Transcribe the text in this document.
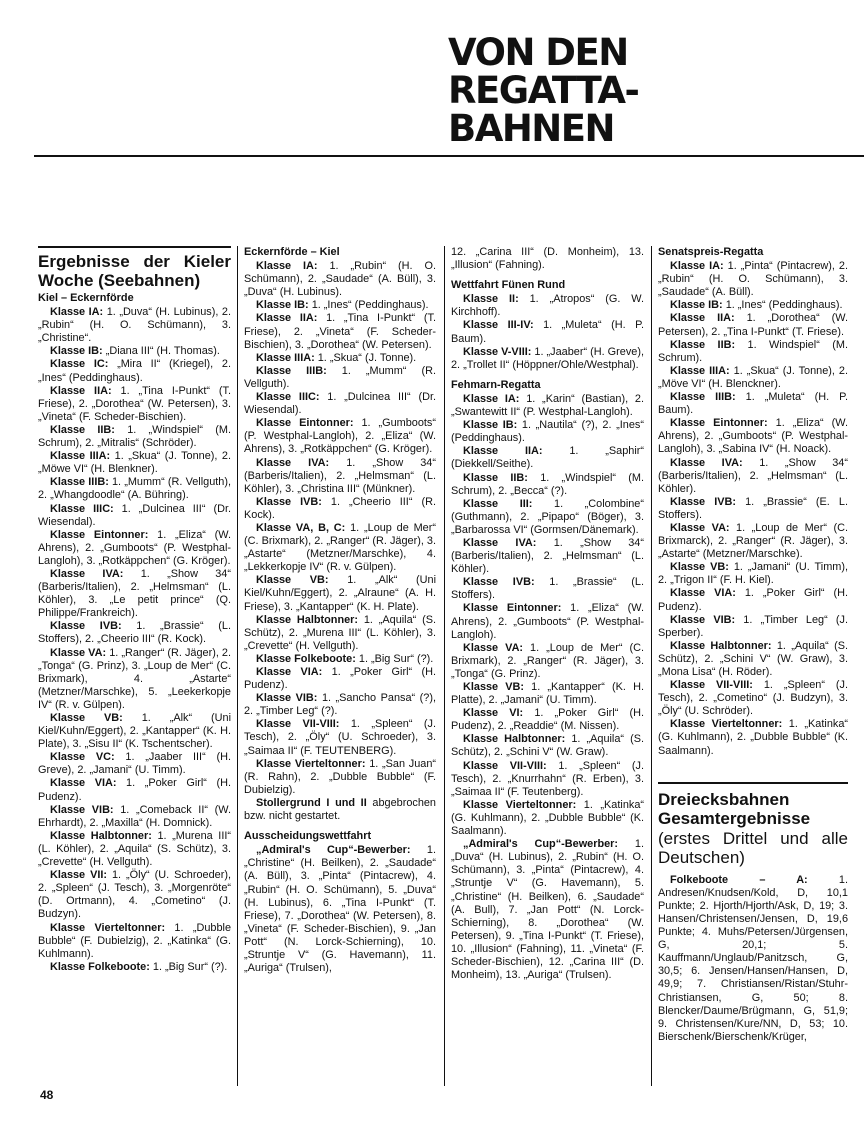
VON DEN
REGATTA-
BAHNEN
Ergebnisse der Kieler Woche (Seebahnen)
Kiel – Eckernförde

Klasse IA: 1. „Duva“ (H. Lubinus), 2. „Rubin“ (H. O. Schümann), 3. „Christine“.

Klasse IB: „Diana III“ (H. Thomas).

Klasse IC: „Mira II“ (Kriegel), 2. „Ines“ (Peddinghaus).

Klasse IIA: 1. „Tina I-Punkt“ (T. Friese), 2. „Dorothea“ (W. Petersen), 3. „Vineta“ (F. Scheder-Bischien).

Klasse IIB: 1. „Windspiel“ (M. Schrum), 2. „Mitralis“ (Schröder).

Klasse IIIA: 1. „Skua“ (J. Tonne), 2. „Möwe VI“ (H. Blenkner).

Klasse IIIB: 1. „Mumm“ (R. Vellguth), 2. „Whangdoodle“ (A. Bühring).

Klasse IIIC: 1. „Dulcinea III“ (Dr. Wiesendal).

Klasse Eintonner: 1. „Eliza“ (W. Ahrens), 2. „Gumboots“ (P. Westphal-Langloh), 3. „Rotkäppchen“ (G. Kröger).

Klasse IVA: 1. „Show 34“ (Barberis/Italien), 2. „Helmsman“ (L. Köhler), 3. „Le petit prince“ (Q. Philippe/Frankreich).

Klasse IVB: 1. „Brassie“ (L. Stoffers), 2. „Cheerio III“ (R. Kock).

Klasse VA: 1. „Ranger“ (R. Jäger), 2. „Tonga“ (G. Prinz), 3. „Loup de Mer“ (C. Brixmark), 4. „Astarte“ (Metzner/Marschke), 5. „Leekerkopje IV“ (R. v. Gülpen).

Klasse VB: 1. „Alk“ (Uni Kiel/Kuhn/Eggert), 2. „Kantapper“ (K. H. Plate), 3. „Sisu II“ (K. Tschentscher).

Klasse VC: 1. „Jaaber III“ (H. Greve), 2. „Jamani“ (U. Timm).

Klasse VIA: 1. „Poker Girl“ (H. Pudenz).

Klasse VIB: 1. „Comeback II“ (W. Ehrhardt), 2. „Maxilla“ (H. Domnick).

Klasse Halbtonner: 1. „Murena III“ (L. Köhler), 2. „Aquila“ (S. Schütz), 3. „Crevette“ (H. Vellguth).

Klasse VII: 1. „Öly“ (U. Schroeder), 2. „Spleen“ (J. Tesch), 3. „Morgenröte“ (D. Ortmann), 4. „Cometino“ (J. Budzyn).

Klasse Vierteltonner: 1. „Dubble Bubble“ (F. Dubielzig), 2. „Katinka“ (G. Kuhlmann).

Klasse Folkeboote: 1. „Big Sur“ (?).

Eckernförde – Kiel

Klasse IA: 1. „Rubin“ (H. O. Schümann), 2. „Saudade“ (A. Büll), 3. „Duva“ (H. Lubinus).

Klasse IB: 1. „Ines“ (Peddinghaus).

Klasse IIA: 1. „Tina I-Punkt“ (T. Friese), 2. „Vineta“ (F. Scheder-Bischien), 3. „Dorothea“ (W. Petersen).

Klasse IIIA: 1. „Skua“ (J. Tonne).

Klasse IIIB: 1. „Mumm“ (R. Vellguth).

Klasse IIIC: 1. „Dulcinea III“ (Dr. Wiesendal).

Klasse Eintonner: 1. „Gumboots“ (P. Westphal-Langloh), 2. „Eliza“ (W. Ahrens), 3. „Rotkäppchen“ (G. Kröger).

Klasse IVA: 1. „Show 34“ (Barberis/Italien), 2. „Helmsman“ (L. Köhler), 3. „Christina III“ (Münkner).

Klasse IVB: 1. „Cheerio III“ (R. Kock).

Klasse VA, B, C: 1. „Loup de Mer“ (C. Brixmark), 2. „Ranger“ (R. Jäger), 3. „Astarte“ (Metzner/Marschke), 4. „Lekkerkopje IV“ (R. v. Gülpen).

Klasse VB: 1. „Alk“ (Uni Kiel/Kuhn/Eggert), 2. „Alraune“ (A. H. Friese), 3. „Kantapper“ (K. H. Plate).

Klasse Halbtonner: 1. „Aquila“ (S. Schütz), 2. „Murena III“ (L. Köhler), 3. „Crevette“ (H. Vellguth).

Klasse Folkeboote: 1. „Big Sur“ (?).

Klasse VIA: 1. „Poker Girl“ (H. Pudenz).

Klasse VIB: 1. „Sancho Pansa“ (?), 2. „Timber Leg“ (?).

Klasse VII-VIII: 1. „Spleen“ (J. Tesch), 2. „Öly“ (U. Schroeder), 3. „Saimaa II“ (F. TEUTENBERG).

Klasse Vierteltonner: 1. „San Juan“ (R. Rahn), 2. „Dubble Bubble“ (F. Dubielzig).

Stollergrund I und II abgebrochen bzw. nicht gestartet.

Ausscheidungswettfahrt

„Admiral's Cup“-Bewerber: 1. „Christine“ (H. Beilken), 2. „Saudade“ (A. Büll), 3. „Pinta“ (Pintacrew), 4. „Rubin“ (H. O. Schümann), 5. „Duva“ (H. Lubinus), 6. „Tina I-Punkt“ (T. Friese), 7. „Dorothea“ (W. Petersen), 8. „Vineta“ (F. Scheder-Bischien), 9. „Jan Pott“ (N. Lorck-Schierning), 10. „Struntje V“ (G. Havemann), 11. „Auriga“ (Trulsen),

12. „Carina III“ (D. Monheim), 13. „Illusion“ (Fahning).

Wettfahrt Fünen Rund

Klasse II: 1. „Atropos“ (G. W. Kirchhoff).

Klasse III-IV: 1. „Muleta“ (H. P. Baum).

Klasse V-VIII: 1. „Jaaber“ (H. Greve), 2. „Trollet II“ (Höppner/Ohle/Westphal).

Fehmarn-Regatta

Klasse IA: 1. „Karin“ (Bastian), 2. „Swantewitt II“ (P. Westphal-Langloh).

Klasse IB: 1. „Nautila“ (?), 2. „Ines“ (Peddinghaus).

Klasse IIA: 1. „Saphir“ (Diekkell/Seithe).

Klasse IIB: 1. „Windspiel“ (M. Schrum), 2. „Becca“ (?).

Klasse III: 1. „Colombine“ (Guthmann), 2. „Pipapo“ (Böger), 3. „Barbarossa VI“ (Gormsen/Dänemark).

Klasse IVA: 1. „Show 34“ (Barberis/Italien), 2. „Helmsman“ (L. Köhler).

Klasse IVB: 1. „Brassie“ (L. Stoffers).

Klasse Eintonner: 1. „Eliza“ (W. Ahrens), 2. „Gumboots“ (P. Westphal-Langloh).

Klasse VA: 1. „Loup de Mer“ (C. Brixmark), 2. „Ranger“ (R. Jäger), 3. „Tonga“ (G. Prinz).

Klasse VB: 1. „Kantapper“ (K. H. Platte), 2. „Jamani“ (U. Timm).

Klasse VI: 1. „Poker Girl“ (H. Pudenz), 2. „Readdie“ (M. Nissen).

Klasse Halbtonner: 1. „Aquila“ (S. Schütz), 2. „Schini V“ (W. Graw).

Klasse VII-VIII: 1. „Spleen“ (J. Tesch), 2. „Knurrhahn“ (R. Erben), 3. „Saimaa II“ (F. Teutenberg).

Klasse Vierteltonner: 1. „Katinka“ (G. Kuhlmann), 2. „Dubble Bubble“ (K. Saalmann).

„Admiral's Cup“-Bewerber: 1. „Duva“ (H. Lubinus), 2. „Rubin“ (H. O. Schümann), 3. „Pinta“ (Pintacrew), 4. „Struntje V“ (G. Havemann), 5. „Christine“ (H. Beilken), 6. „Saudade“ (A. Bull), 7. „Jan Pott“ (N. Lorck-Schierning), 8. „Dorothea“ (W. Petersen), 9. „Tina I-Punkt“ (T. Friese), 10. „Illusion“ (Fahning), 11. „Vineta“ (F. Scheder-Bischien), 12. „Carina III“ (D. Monheim), 13. „Auriga“ (Trulsen).

Senatspreis-Regatta

Klasse IA: 1. „Pinta“ (Pintacrew), 2. „Rubin“ (H. O. Schümann), 3. „Saudade“ (A. Büll).

Klasse IB: 1. „Ines“ (Peddinghaus).

Klasse IIA: 1. „Dorothea“ (W. Petersen), 2. „Tina I-Punkt“ (T. Friese).

Klasse IIB: 1. Windspiel“ (M. Schrum).

Klasse IIIA: 1. „Skua“ (J. Tonne), 2. „Möve VI“ (H. Blenckner).

Klasse IIIB: 1. „Muleta“ (H. P. Baum).

Klasse Eintonner: 1. „Eliza“ (W. Ahrens), 2. „Gumboots“ (P. Westphal-Langloh), 3. „Sabina IV“ (H. Noack).

Klasse IVA: 1. „Show 34“ (Barberis/Italien), 2. „Helmsman“ (L. Köhler).

Klasse IVB: 1. „Brassie“ (E. L. Stoffers).

Klasse VA: 1. „Loup de Mer“ (C. Brixmarck), 2. „Ranger“ (R. Jäger), 3. „Astarte“ (Metzner/Marschke).

Klasse VB: 1. „Jamani“ (U. Timm), 2. „Trigon II“ (F. H. Kiel).

Klasse VIA: 1. „Poker Girl“ (H. Pudenz).

Klasse VIB: 1. „Timber Leg“ (J. Sperber).

Klasse Halbtonner: 1. „Aquila“ (S. Schütz), 2. „Schini V“ (W. Graw), 3. „Mona Lisa“ (H. Röder).

Klasse VII-VIII: 1. „Spleen“ (J. Tesch), 2. „Cometino“ (J. Budzyn), 3. „Öly“ (U. Schröder).

Klasse Vierteltonner: 1. „Katinka“ (G. Kuhlmann), 2. „Dubble Bubble“ (K. Saalmann).

Dreiecksbahnen Gesamtergebnisse
(erstes Drittel und alle Deutschen)

Folkeboote – A: 1. Andresen/Knudsen/Kold, D, 10,1 Punkte; 2. Hjorth/Hjorth/Ask, D, 19; 3. Hansen/Christensen/Jensen, D, 19,6 Punkte; 4. Muhs/Petersen/Jürgensen, G, 20,1; 5. Kauffmann/Unglaub/Panitzsch, G, 30,5; 6. Jensen/Hansen/Hansen, D, 49,9; 7. Christiansen/Ristan/Stuhr-Christiansen, G, 50; 8. Blencker/Daume/Brügmann, G, 51,9; 9. Christensen/Kure/NN, D, 53; 10. Bierschenk/Bierschenk/Krüger,

48
